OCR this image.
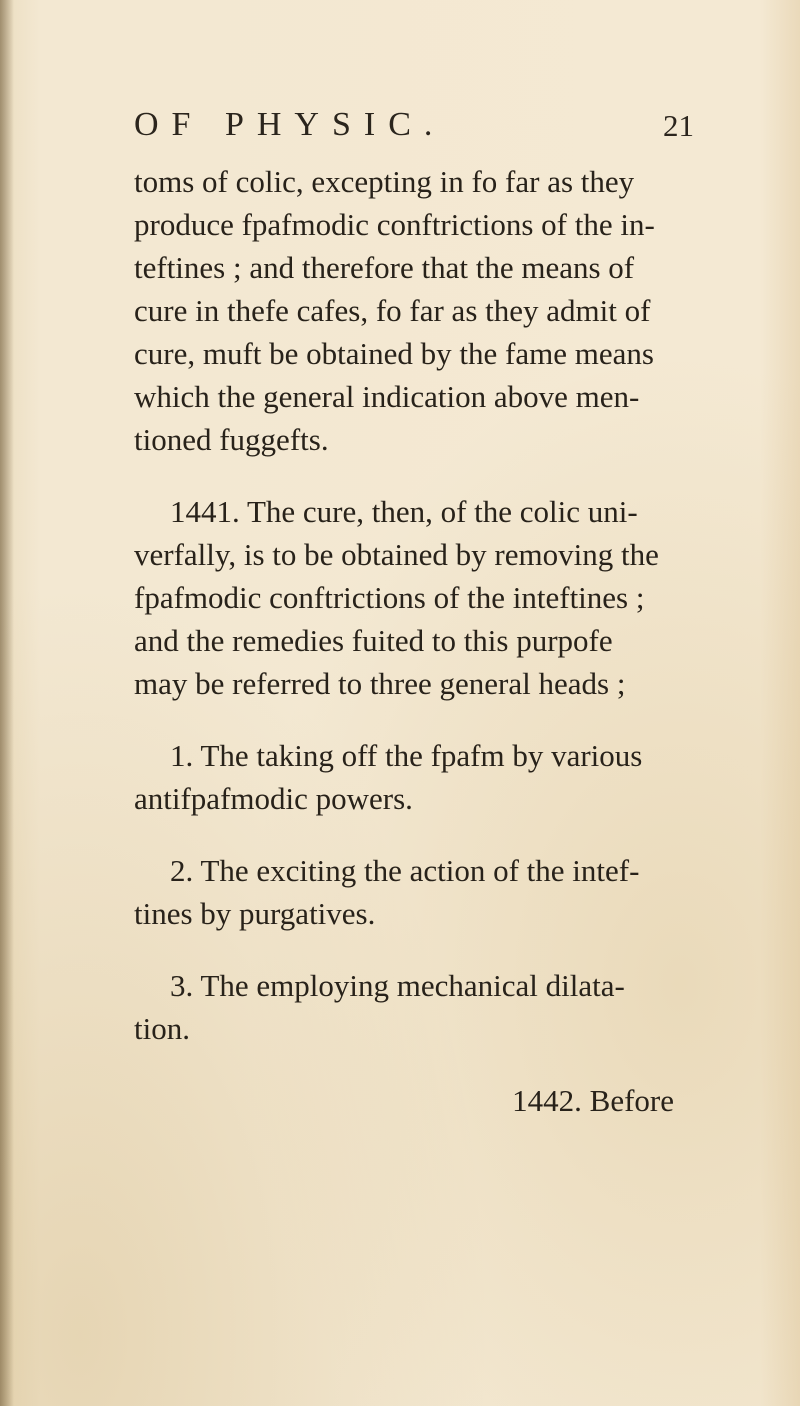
OF PHYSIC.	21
toms of colic, excepting in fo far as they
produce fpafmodic conftrictions of the in-
teftines ; and therefore that the means of
cure in thefe cafes, fo far as they admit of
cure, muft be obtained by the fame means
which the general indication above men-
tioned fuggefts.
1441. The cure, then, of the colic uni-
verfally, is to be obtained by removing the
fpafmodic conftrictions of the inteftines ;
and the remedies fuited to this purpofe
may be referred to three general heads ;
1. The taking off the fpafm by various
antifpafmodic powers.
2. The exciting the action of the intef-
tines by purgatives.
3. The employing mechanical dilata-
tion.
1442. Before
